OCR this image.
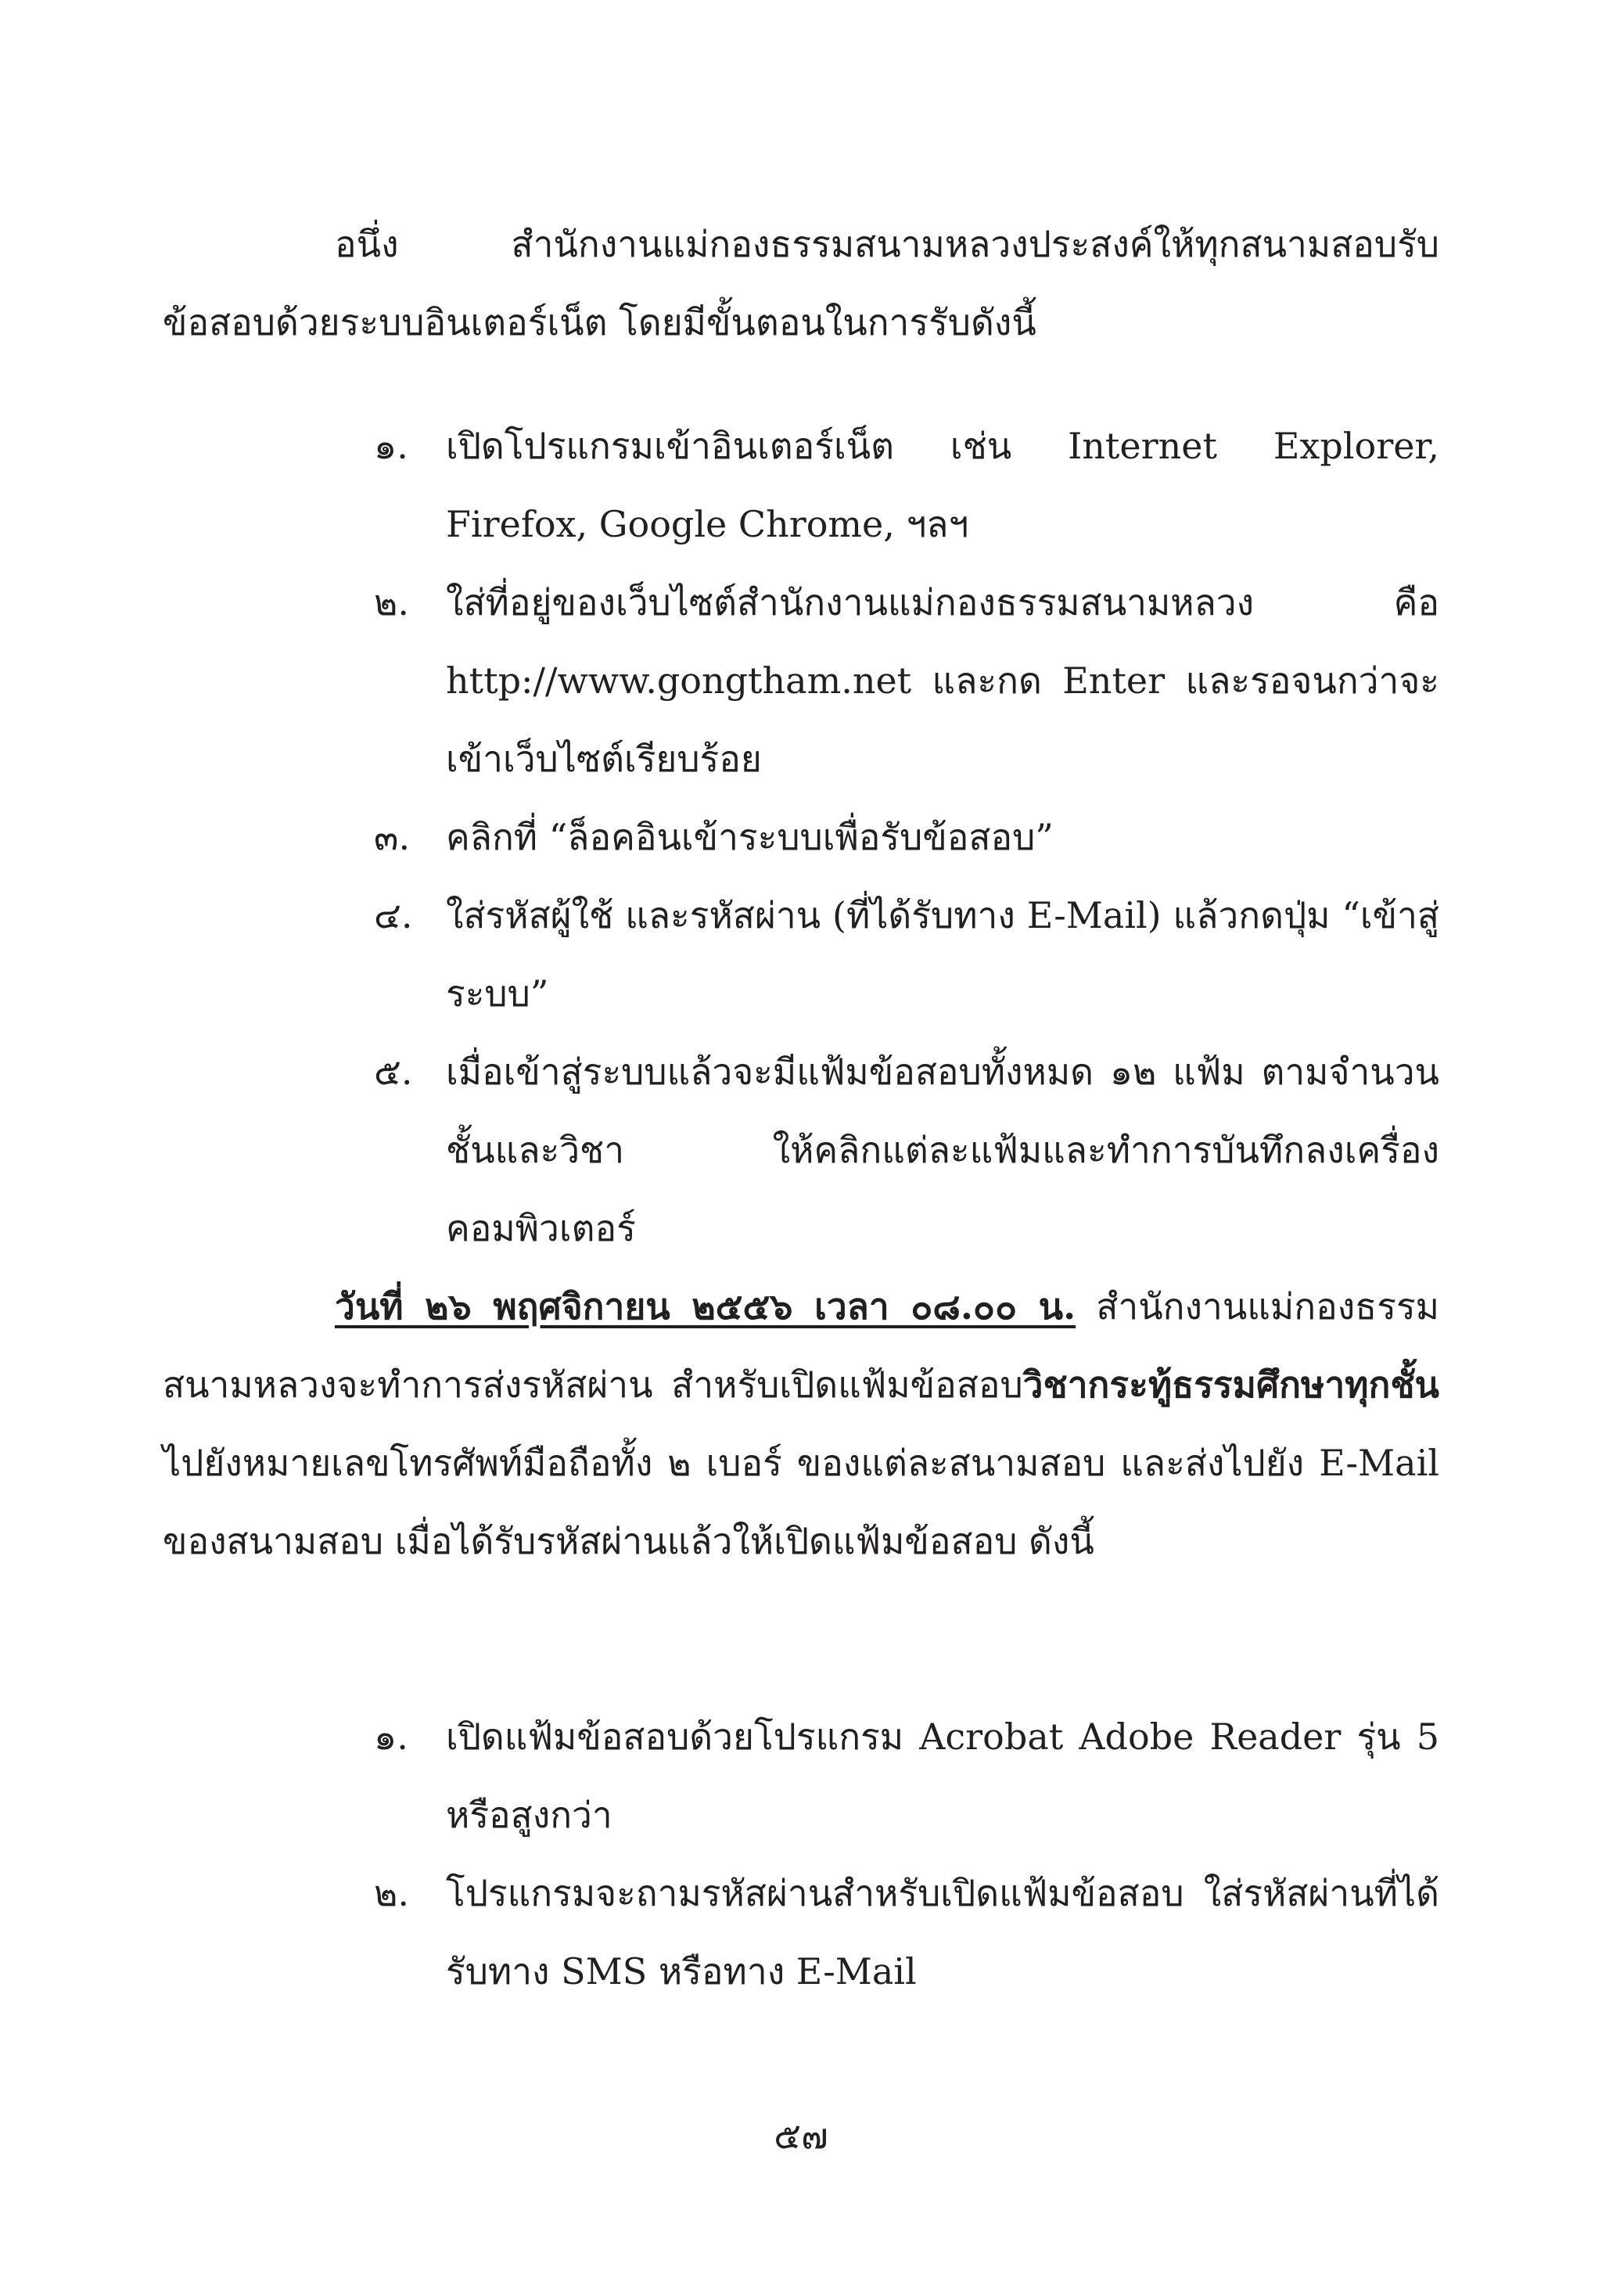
อนึ่ง สำนักงานแม่กองธรรมสนามหลวงประสงค์ให้ทุกสนามสอบรับข้อสอบด้วยระบบอินเตอร์เน็ต โดยมีขั้นตอนในการรับดังนี้

๑.	เปิดโปรแกรมเข้าอินเตอร์เน็ต เช่น Internet Explorer, Firefox, Google Chrome, ฯลฯ
๒.	ใส่ที่อยู่ของเว็บไซต์สำนักงานแม่กองธรรมสนามหลวง คือ http://www.gongtham.net และกด Enter และรอจนกว่าจะเข้าเว็บไซต์เรียบร้อย
๓. คลิกที่ “ล็อคอินเข้าระบบเพื่อรับข้อสอบ”
๔. ใส่รหัสผู้ใช้ และรหัสผ่าน (ที่ได้รับทาง E-Mail) แล้วกดปุ่ม “เข้าสู่ระบบ”
๕. เมื่อเข้าสู่ระบบแล้วจะมีแฟ้มข้อสอบทั้งหมด ๑๒ แฟ้ม ตามจำนวนชั้นและวิชา ให้คลิกแต่ละแฟ้มและทำการบันทึกลงเครื่องคอมพิวเตอร์

วันที่ ๒๖ พฤศจิกายน ๒๕๕๖ เวลา ๐๘.๐๐ น. สำนักงานแม่กองธรรมสนามหลวงจะทำการส่งรหัสผ่าน สำหรับเปิดแฟ้มข้อสอบวิชากระทู้ธรรมศึกษาทุกชั้น ไปยังหมายเลขโทรศัพท์มือถือทั้ง ๒ เบอร์ ของแต่ละสนามสอบ และส่งไปยัง E-Mail ของสนามสอบ เมื่อได้รับรหัสผ่านแล้วให้เปิดแฟ้มข้อสอบ ดังนี้

๑.	เปิดแฟ้มข้อสอบด้วยโปรแกรม Acrobat Adobe Reader รุ่น 5 หรือสูงกว่า
๒.	โปรแกรมจะถามรหัสผ่านสำหรับเปิดแฟ้มข้อสอบ ใส่รหัสผ่านที่ได้รับทาง SMS หรือทาง E-Mail
๕๗
